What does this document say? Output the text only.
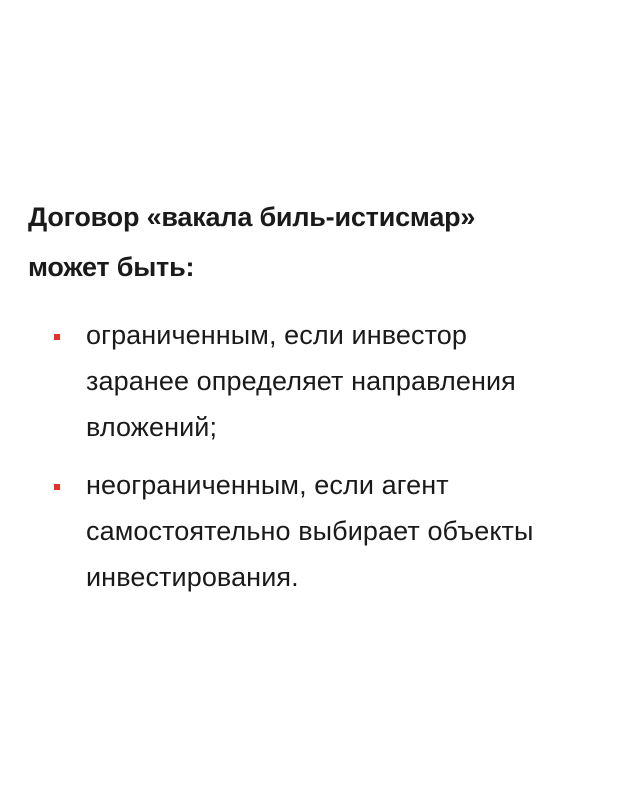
Договор «вакала биль-истисмар»
может быть:
ограниченным, если инвестор
заранее определяет направления
вложений;
неограниченным, если агент
самостоятельно выбирает объекты
инвестирования.
